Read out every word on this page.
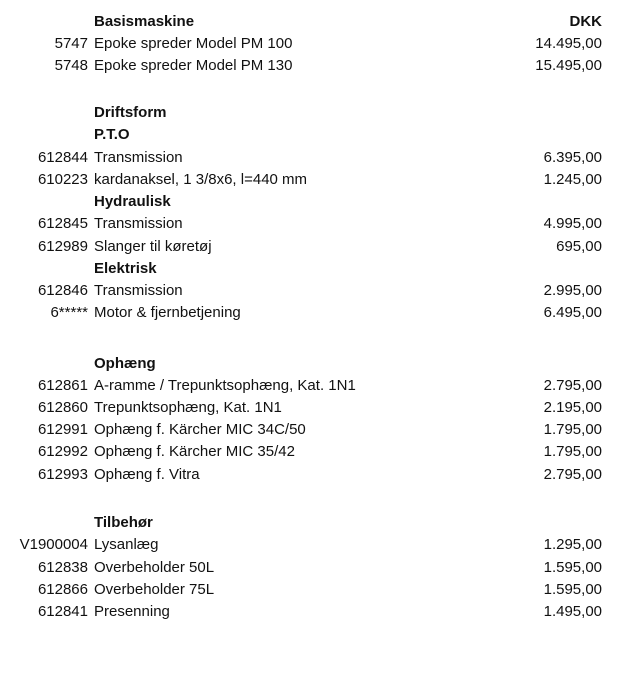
Basismaskine	DKK
5747 Epoke spreder Model PM 100	14.495,00
5748 Epoke spreder Model PM 130	15.495,00
Driftsform
P.T.O
612844 Transmission	6.395,00
610223 kardanaksel, 1 3/8x6, l=440 mm	1.245,00
Hydraulisk
612845 Transmission	4.995,00
612989 Slanger til køretøj	695,00
Elektrisk
612846 Transmission	2.995,00
6***** Motor & fjernbetjening	6.495,00
Ophæng
612861 A-ramme / Trepunktsophæng, Kat. 1N1	2.795,00
612860 Trepunktsophæng, Kat. 1N1	2.195,00
612991 Ophæng f. Kärcher MIC 34C/50	1.795,00
612992 Ophæng f. Kärcher MIC 35/42	1.795,00
612993 Ophæng f. Vitra	2.795,00
Tilbehør
V1900004 Lysanlæg	1.295,00
612838 Overbeholder 50L	1.595,00
612866 Overbeholder 75L	1.595,00
612841 Presenning	1.495,00
